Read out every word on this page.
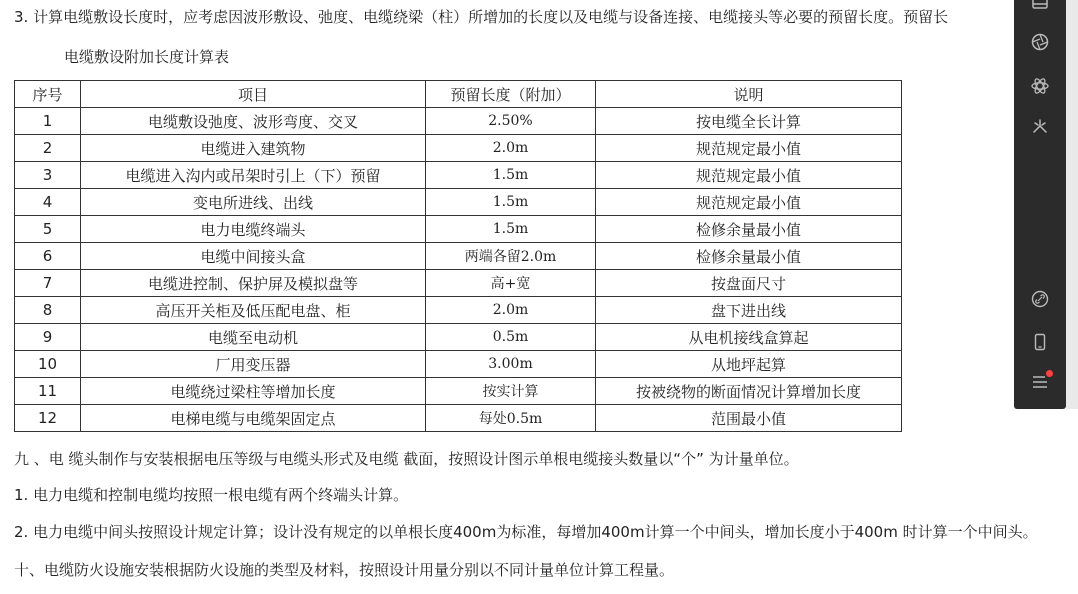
3. 计算电缆敷设长度时，应考虑因波形敷设、弛度、电缆绕梁（柱）所增加的长度以及电缆与设备连接、电缆接头等必要的预留长度。预留长
电缆敷设附加长度计算表
序号	项目	预留长度（附加）	说明
1	电缆敷设弛度、波形弯度、交叉	2.50%	按电缆全长计算
2	电缆进入建筑物	2.0m	规范规定最小值
3	电缆进入沟内或吊架时引上（下）预留	1.5m	规范规定最小值
4	变电所进线、出线	1.5m	规范规定最小值
5	电力电缆终端头	1.5m	检修余量最小值
6	电缆中间接头盒	两端各留2.0m	检修余量最小值
7	电缆进控制、保护屏及模拟盘等	高+宽	按盘面尺寸
8	高压开关柜及低压配电盘、柜	2.0m	盘下进出线
9	电缆至电动机	0.5m	从电机接线盒算起
10	厂用变压器	3.00m	从地坪起算
11	电缆绕过梁柱等增加长度	按实计算	按被绕物的断面情况计算增加长度
12	电梯电缆与电缆架固定点	每处0.5m	范围最小值
九 、电 缆头制作与安装根据电压等级与电缆头形式及电缆 截面，按照设计图示单根电缆接头数量以“个” 为计量单位。
1. 电力电缆和控制电缆均按照一根电缆有两个终端头计算。
2. 电力电缆中间头按照设计规定计算；设计没有规定的以单根长度400m为标准，每增加400m计算一个中间头，增加长度小于400m 时计算一个中间头。
十、电缆防火设施安装根据防火设施的类型及材料，按照设计用量分别以不同计量单位计算工程量。
